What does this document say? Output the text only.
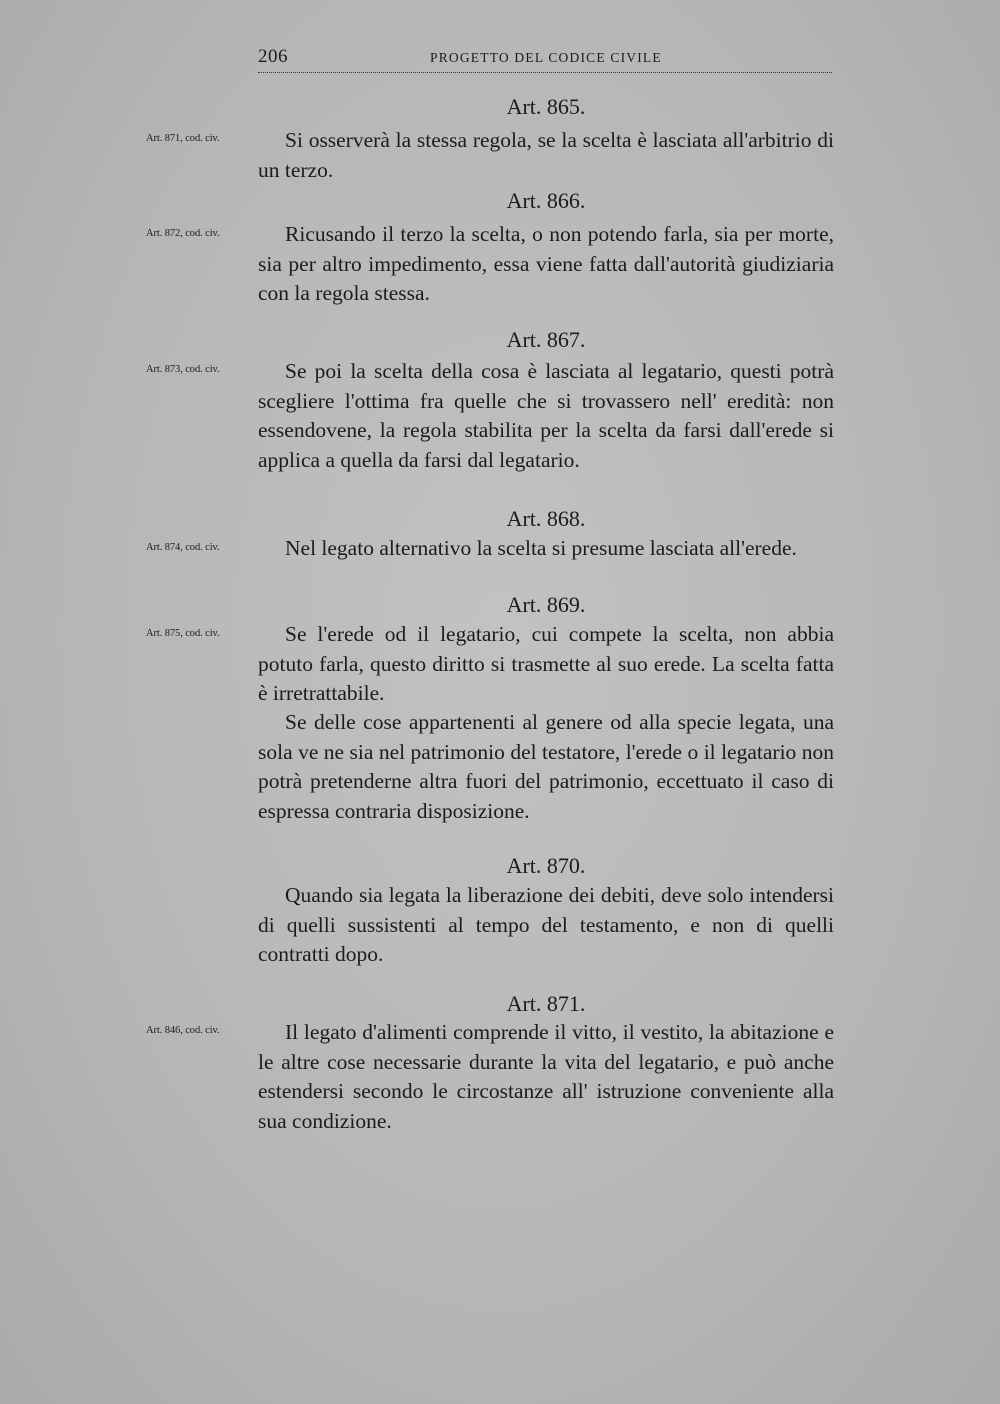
206	PROGETTO DEL CODICE CIVILE
Art. 865.
Art. 871, cod. civ.	Si osserverà la stessa regola, se la scelta è lasciata all'arbitrio di un terzo.
Art. 866.
Art. 872, cod. civ.	Ricusando il terzo la scelta, o non potendo farla, sia per morte, sia per altro impedimento, essa viene fatta dall'autorità giudiziaria con la regola stessa.
Art. 867.
Art. 873, cod. civ.	Se poi la scelta della cosa è lasciata al legatario, questi potrà scegliere l'ottima fra quelle che si trovassero nell' eredità: non essendovene, la regola stabilita per la scelta da farsi dall'erede si applica a quella da farsi dal legatario.
Art. 868.
Art. 874, cod. civ.	Nel legato alternativo la scelta si presume lasciata all'erede.
Art. 869.
Art. 875, cod. civ.	Se l'erede od il legatario, cui compete la scelta, non abbia potuto farla, questo diritto si trasmette al suo erede. La scelta fatta è irretrattabile.
Se delle cose appartenenti al genere od alla specie legata, una sola ve ne sia nel patrimonio del testatore, l'erede o il legatario non potrà pretenderne altra fuori del patrimonio, eccettuato il caso di espressa contraria disposizione.
Art. 870.
Quando sia legata la liberazione dei debiti, deve solo intendersi di quelli sussistenti al tempo del testamento, e non di quelli contratti dopo.
Art. 871.
Art. 846, cod. civ.	Il legato d'alimenti comprende il vitto, il vestito, la abitazione e le altre cose necessarie durante la vita del legatario, e può anche estendersi secondo le circostanze all' istruzione conveniente alla sua condizione.
